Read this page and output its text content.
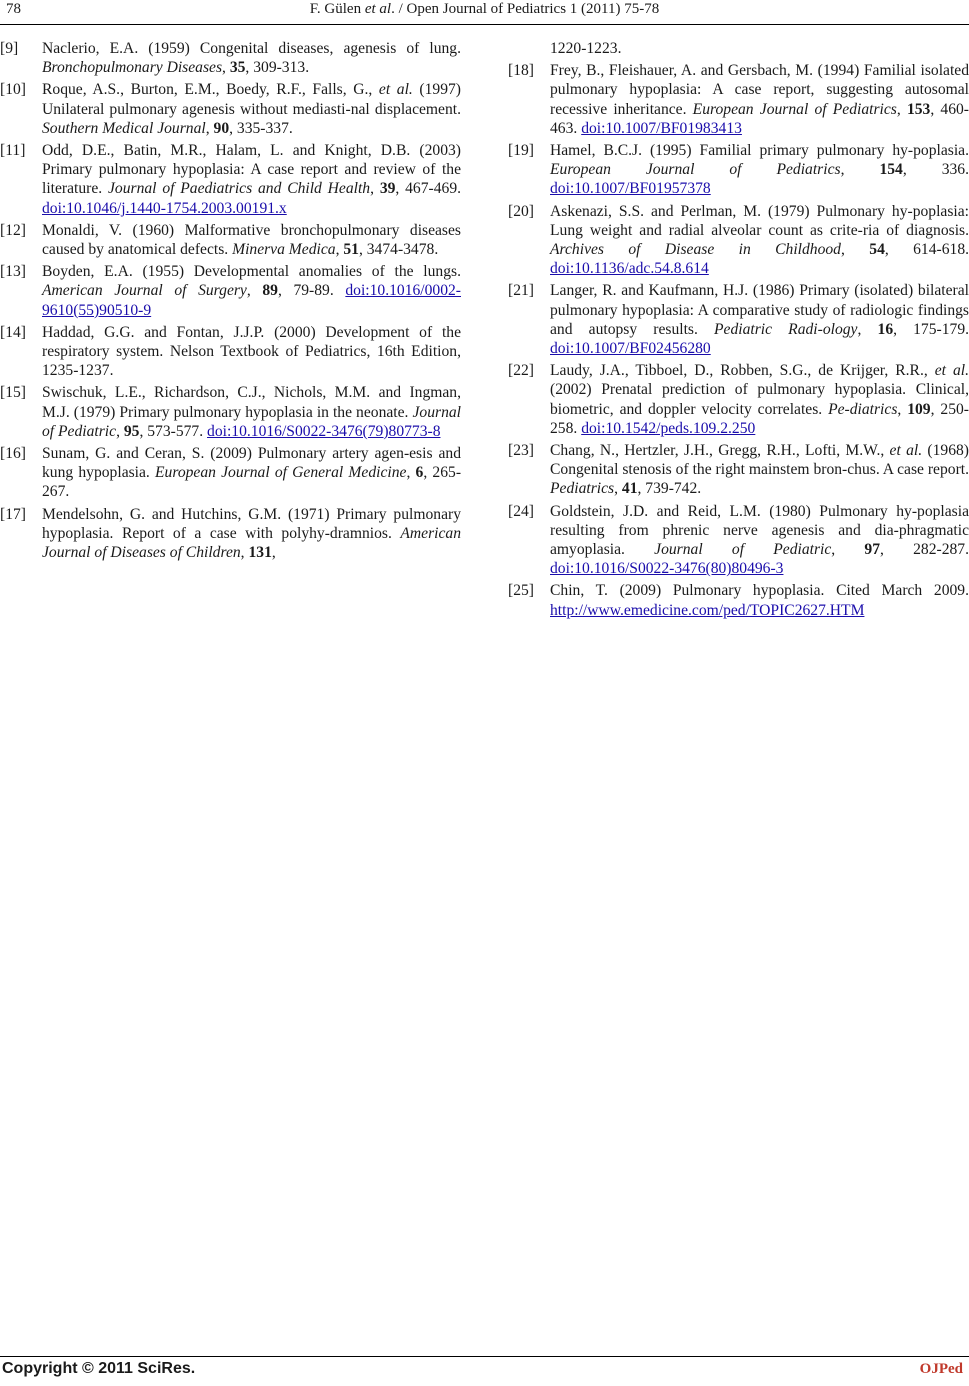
78	F. Gülen et al. / Open Journal of Pediatrics 1 (2011) 75-78
[9] Naclerio, E.A. (1959) Congenital diseases, agenesis of lung. Bronchopulmonary Diseases, 35, 309-313.
[10] Roque, A.S., Burton, E.M., Boedy, R.F., Falls, G., et al. (1997) Unilateral pulmonary agenesis without mediasti-nal displacement. Southern Medical Journal, 90, 335-337.
[11] Odd, D.E., Batin, M.R., Halam, L. and Knight, D.B. (2003) Primary pulmonary hypoplasia: A case report and review of the literature. Journal of Paediatrics and Child Health, 39, 467-469. doi:10.1046/j.1440-1754.2003.00191.x
[12] Monaldi, V. (1960) Malformative bronchopulmonary diseases caused by anatomical defects. Minerva Medica, 51, 3474-3478.
[13] Boyden, E.A. (1955) Developmental anomalies of the lungs. American Journal of Surgery, 89, 79-89. doi:10.1016/0002-9610(55)90510-9
[14] Haddad, G.G. and Fontan, J.J.P. (2000) Development of the respiratory system. Nelson Textbook of Pediatrics, 16th Edition, 1235-1237.
[15] Swischuk, L.E., Richardson, C.J., Nichols, M.M. and Ingman, M.J. (1979) Primary pulmonary hypoplasia in the neonate. Journal of Pediatric, 95, 573-577. doi:10.1016/S0022-3476(79)80773-8
[16] Sunam, G. and Ceran, S. (2009) Pulmonary artery agen-esis and kung hypoplasia. European Journal of General Medicine, 6, 265-267.
[17] Mendelsohn, G. and Hutchins, G.M. (1971) Primary pulmonary hypoplasia. Report of a case with polyhy-dramnios. American Journal of Diseases of Children, 131,
1220-1223.
[18] Frey, B., Fleishauer, A. and Gersbach, M. (1994) Familial isolated pulmonary hypoplasia: A case report, suggesting autosomal recessive inheritance. European Journal of Pediatrics, 153, 460-463. doi:10.1007/BF01983413
[19] Hamel, B.C.J. (1995) Familial primary pulmonary hy-poplasia. European Journal of Pediatrics, 154, 336. doi:10.1007/BF01957378
[20] Askenazi, S.S. and Perlman, M. (1979) Pulmonary hy-poplasia: Lung weight and radial alveolar count as crite-ria of diagnosis. Archives of Disease in Childhood, 54, 614-618. doi:10.1136/adc.54.8.614
[21] Langer, R. and Kaufmann, H.J. (1986) Primary (isolated) bilateral pulmonary hypoplasia: A comparative study of radiologic findings and autopsy results. Pediatric Radi-ology, 16, 175-179. doi:10.1007/BF02456280
[22] Laudy, J.A., Tibboel, D., Robben, S.G., de Krijger, R.R., et al. (2002) Prenatal prediction of pulmonary hypoplasia. Clinical, biometric, and doppler velocity correlates. Pe-diatrics, 109, 250-258. doi:10.1542/peds.109.2.250
[23] Chang, N., Hertzler, J.H., Gregg, R.H., Lofti, M.W., et al. (1968) Congenital stenosis of the right mainstem bron-chus. A case report. Pediatrics, 41, 739-742.
[24] Goldstein, J.D. and Reid, L.M. (1980) Pulmonary hy-poplasia resulting from phrenic nerve agenesis and dia-phragmatic amyoplasia. Journal of Pediatric, 97, 282-287. doi:10.1016/S0022-3476(80)80496-3
[25] Chin, T. (2009) Pulmonary hypoplasia. Cited March 2009. http://www.emedicine.com/ped/TOPIC2627.HTM
Copyright © 2011 SciRes.	OJPed
